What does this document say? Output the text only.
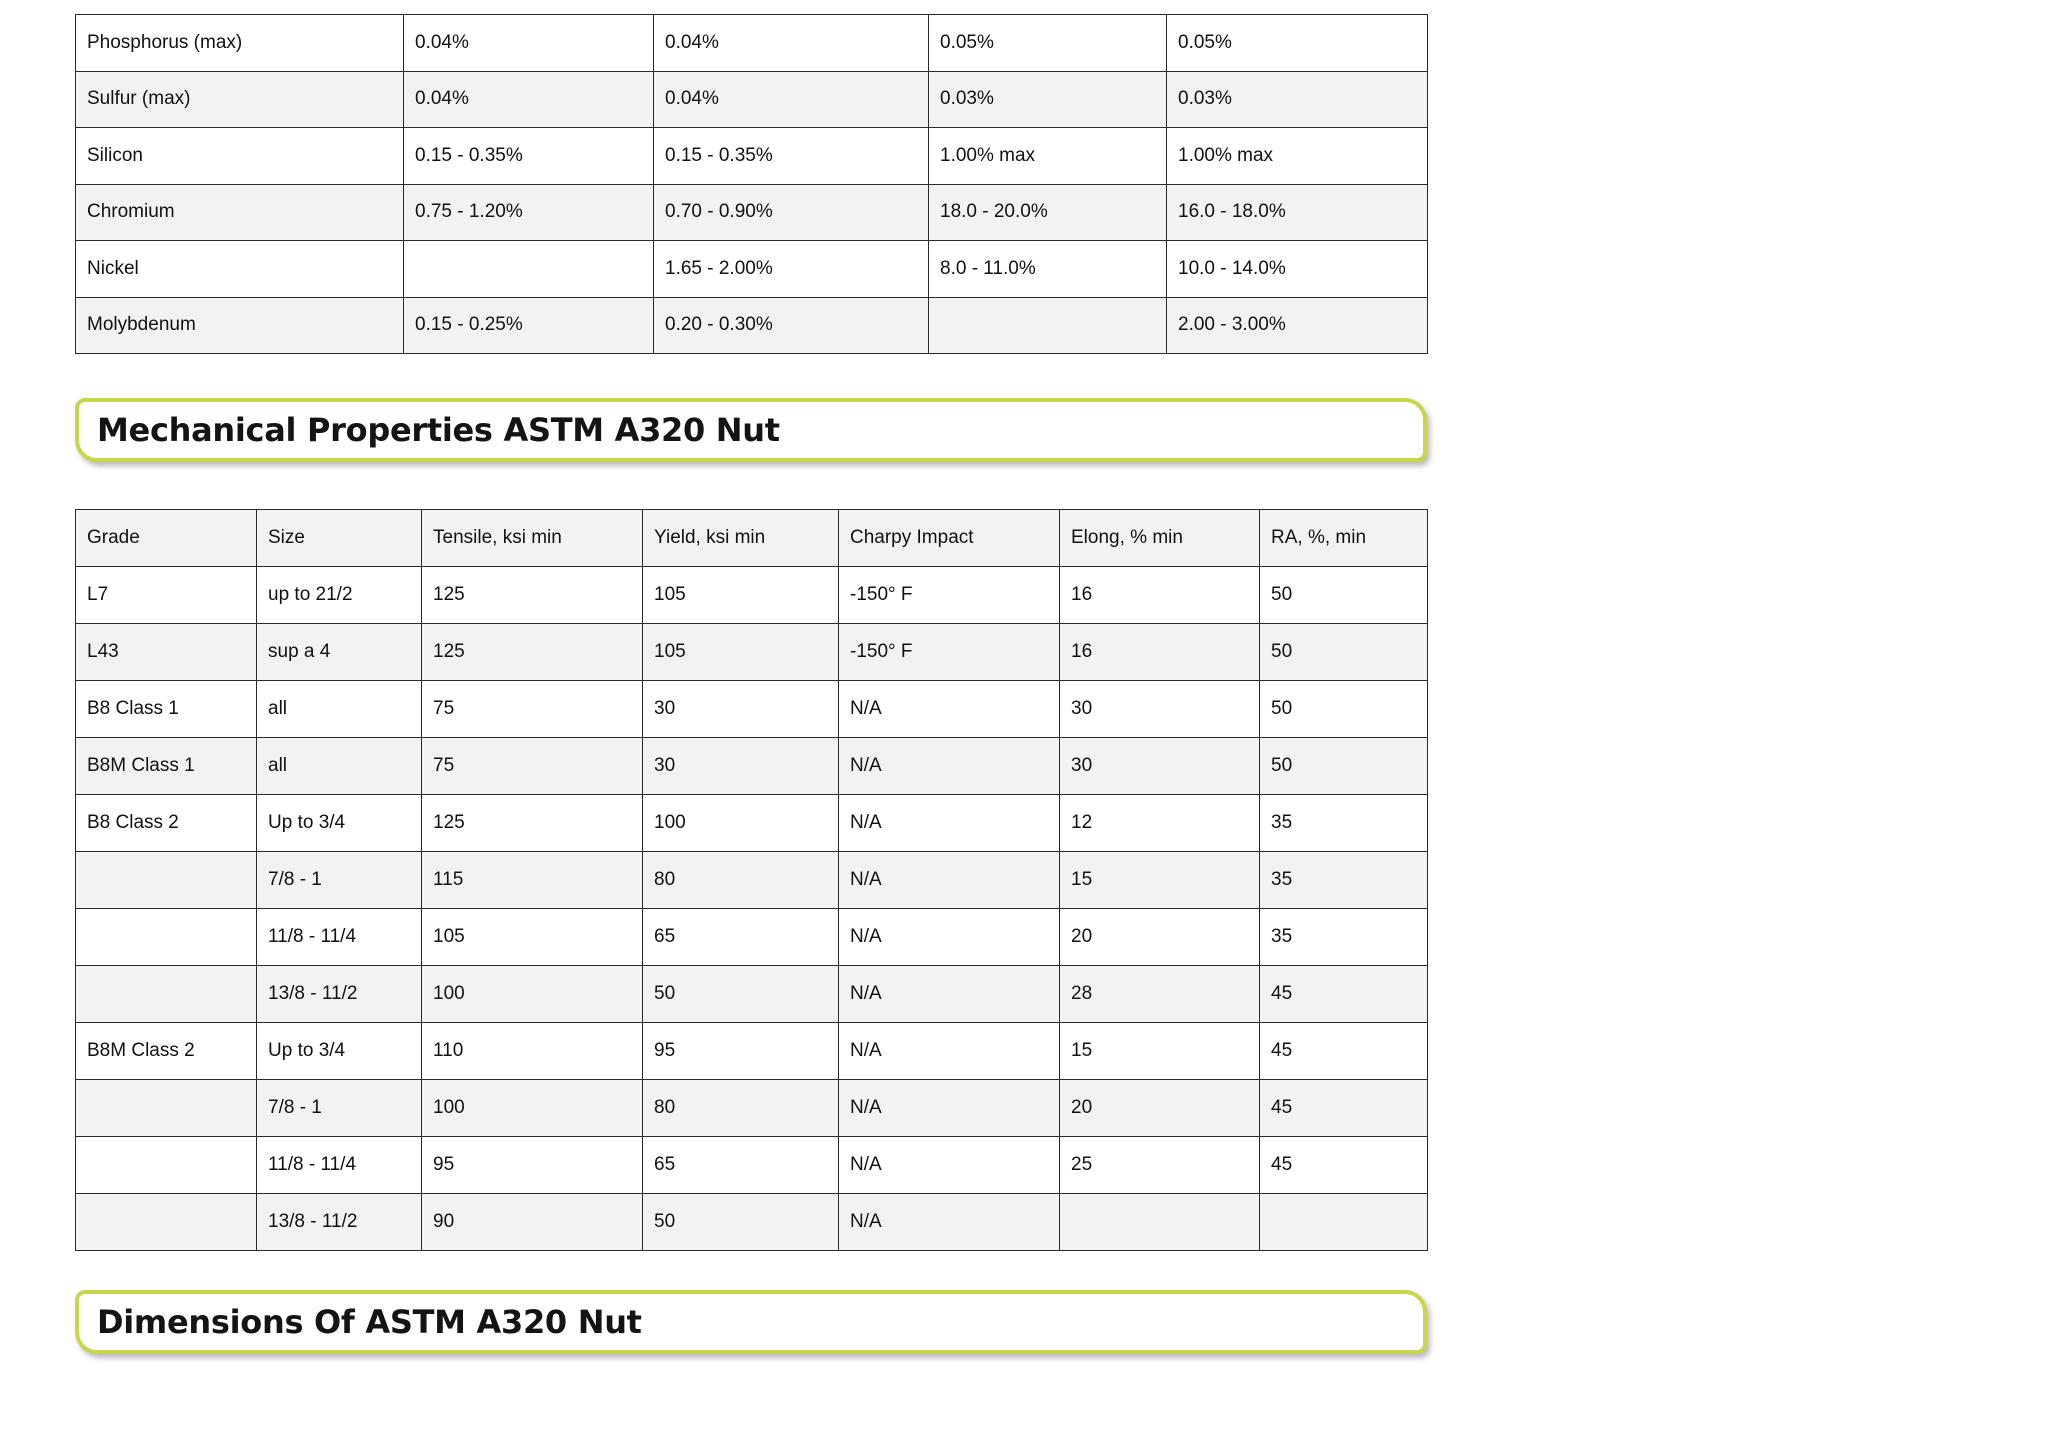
Phosphorus (max)	0.04%	0.04%	0.05%	0.05%
Sulfur (max)	0.04%	0.04%	0.03%	0.03%
Silicon	0.15 - 0.35%	0.15 - 0.35%	1.00% max	1.00% max
Chromium	0.75 - 1.20%	0.70 - 0.90%	18.0 - 20.0%	16.0 - 18.0%
Nickel		1.65 - 2.00%	8.0 - 11.0%	10.0 - 14.0%
Molybdenum	0.15 - 0.25%	0.20 - 0.30%		2.00 - 3.00%
Mechanical Properties ASTM A320 Nut
Grade	Size	Tensile, ksi min	Yield, ksi min	Charpy Impact	Elong, % min	RA, %, min
L7	up to 21/2	125	105	-150° F	16	50
L43	sup a 4	125	105	-150° F	16	50
B8 Class 1	all	75	30	N/A	30	50
B8M Class 1	all	75	30	N/A	30	50
B8 Class 2	Up to 3/4	125	100	N/A	12	35
	7/8 - 1	115	80	N/A	15	35
	11/8 - 11/4	105	65	N/A	20	35
	13/8 - 11/2	100	50	N/A	28	45
B8M Class 2	Up to 3/4	110	95	N/A	15	45
	7/8 - 1	100	80	N/A	20	45
	11/8 - 11/4	95	65	N/A	25	45
	13/8 - 11/2	90	50	N/A		
Dimensions Of ASTM A320 Nut
